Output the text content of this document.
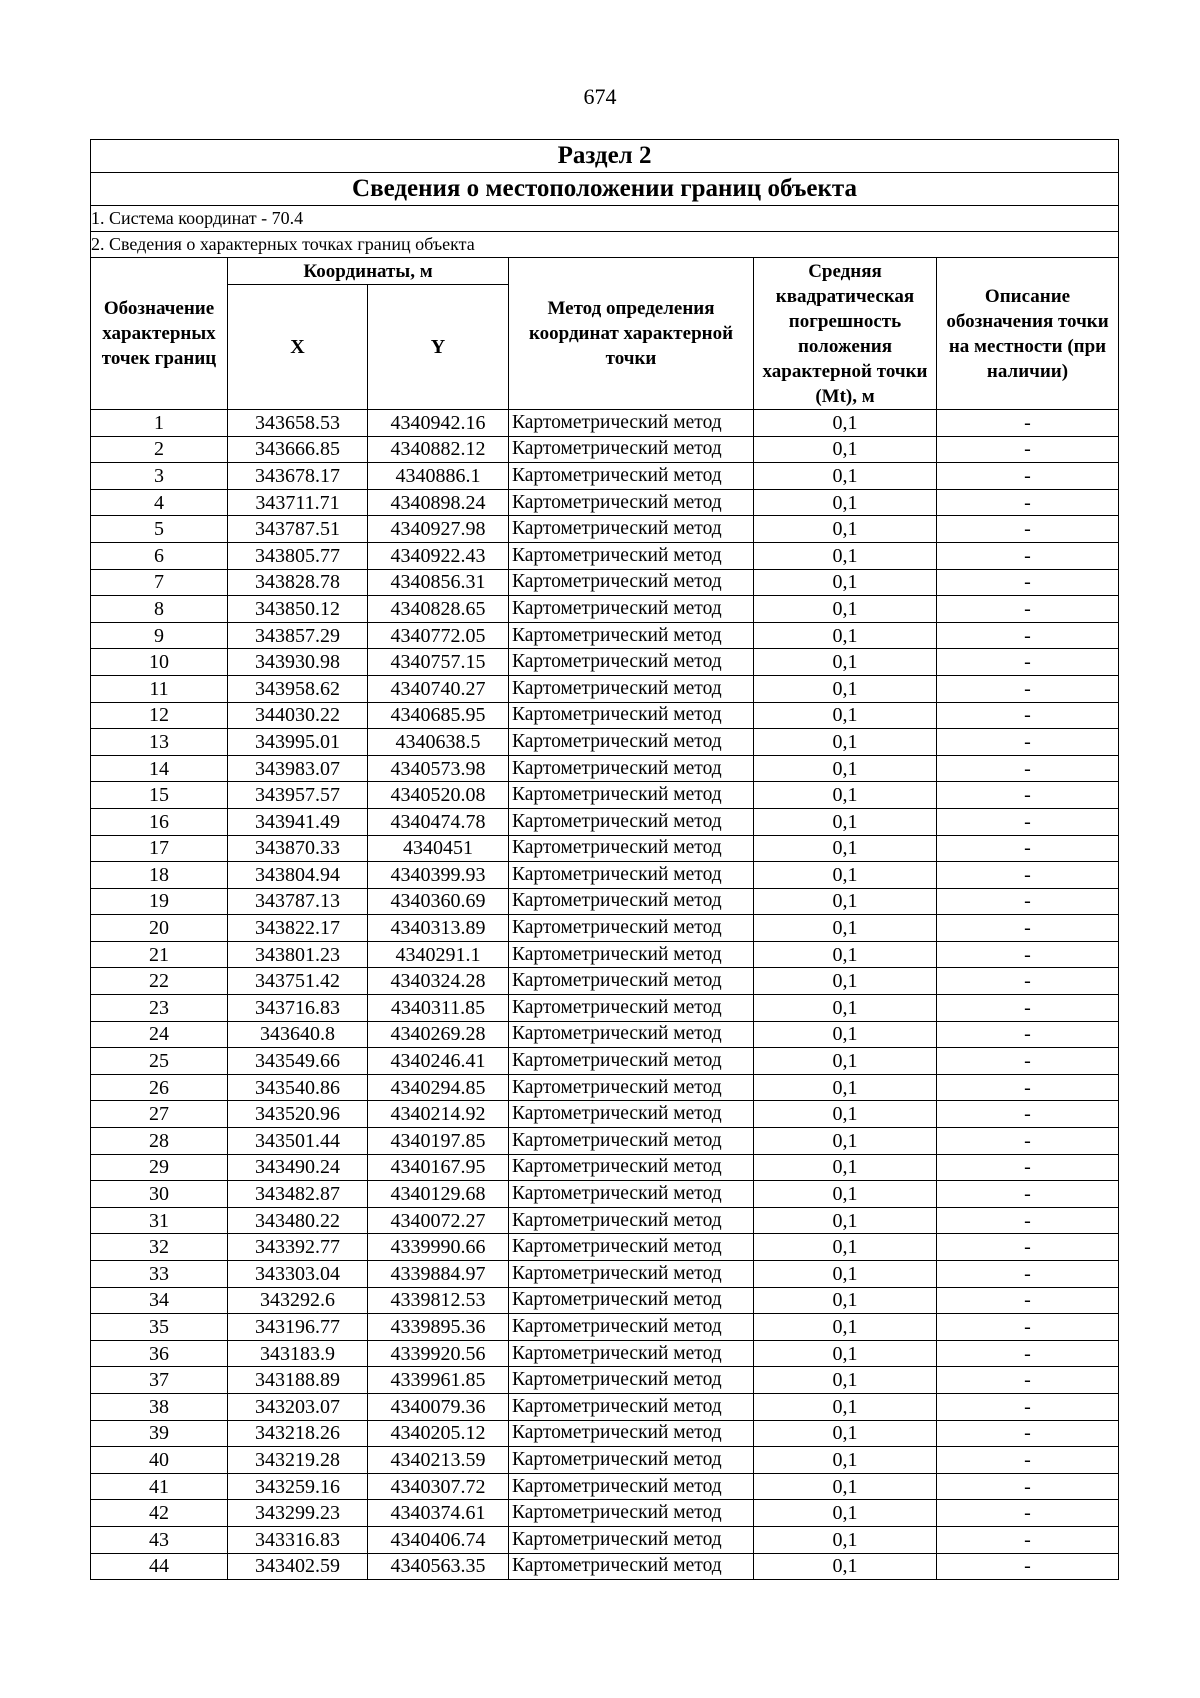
674
Раздел 2					
Сведения о местоположении границ объекта					
1. Система координат - 70.4					
2. Сведения о характерных точках границ объекта					
Обозначение характерных точек границ	Координаты, м		Метод определения координат характерной точки	Средняя квадратическая погрешность положения характерной точки (Mt), м	Описание обозначения точки на местности (при наличии)
	X	Y			
1	343658.53	4340942.16	Картометрический метод	0,1	-
2	343666.85	4340882.12	Картометрический метод	0,1	-
3	343678.17	4340886.1	Картометрический метод	0,1	-
4	343711.71	4340898.24	Картометрический метод	0,1	-
5	343787.51	4340927.98	Картометрический метод	0,1	-
6	343805.77	4340922.43	Картометрический метод	0,1	-
7	343828.78	4340856.31	Картометрический метод	0,1	-
8	343850.12	4340828.65	Картометрический метод	0,1	-
9	343857.29	4340772.05	Картометрический метод	0,1	-
10	343930.98	4340757.15	Картометрический метод	0,1	-
11	343958.62	4340740.27	Картометрический метод	0,1	-
12	344030.22	4340685.95	Картометрический метод	0,1	-
13	343995.01	4340638.5	Картометрический метод	0,1	-
14	343983.07	4340573.98	Картометрический метод	0,1	-
15	343957.57	4340520.08	Картометрический метод	0,1	-
16	343941.49	4340474.78	Картометрический метод	0,1	-
17	343870.33	4340451	Картометрический метод	0,1	-
18	343804.94	4340399.93	Картометрический метод	0,1	-
19	343787.13	4340360.69	Картометрический метод	0,1	-
20	343822.17	4340313.89	Картометрический метод	0,1	-
21	343801.23	4340291.1	Картометрический метод	0,1	-
22	343751.42	4340324.28	Картометрический метод	0,1	-
23	343716.83	4340311.85	Картометрический метод	0,1	-
24	343640.8	4340269.28	Картометрический метод	0,1	-
25	343549.66	4340246.41	Картометрический метод	0,1	-
26	343540.86	4340294.85	Картометрический метод	0,1	-
27	343520.96	4340214.92	Картометрический метод	0,1	-
28	343501.44	4340197.85	Картометрический метод	0,1	-
29	343490.24	4340167.95	Картометрический метод	0,1	-
30	343482.87	4340129.68	Картометрический метод	0,1	-
31	343480.22	4340072.27	Картометрический метод	0,1	-
32	343392.77	4339990.66	Картометрический метод	0,1	-
33	343303.04	4339884.97	Картометрический метод	0,1	-
34	343292.6	4339812.53	Картометрический метод	0,1	-
35	343196.77	4339895.36	Картометрический метод	0,1	-
36	343183.9	4339920.56	Картометрический метод	0,1	-
37	343188.89	4339961.85	Картометрический метод	0,1	-
38	343203.07	4340079.36	Картометрический метод	0,1	-
39	343218.26	4340205.12	Картометрический метод	0,1	-
40	343219.28	4340213.59	Картометрический метод	0,1	-
41	343259.16	4340307.72	Картометрический метод	0,1	-
42	343299.23	4340374.61	Картометрический метод	0,1	-
43	343316.83	4340406.74	Картометрический метод	0,1	-
44	343402.59	4340563.35	Картометрический метод	0,1	-
